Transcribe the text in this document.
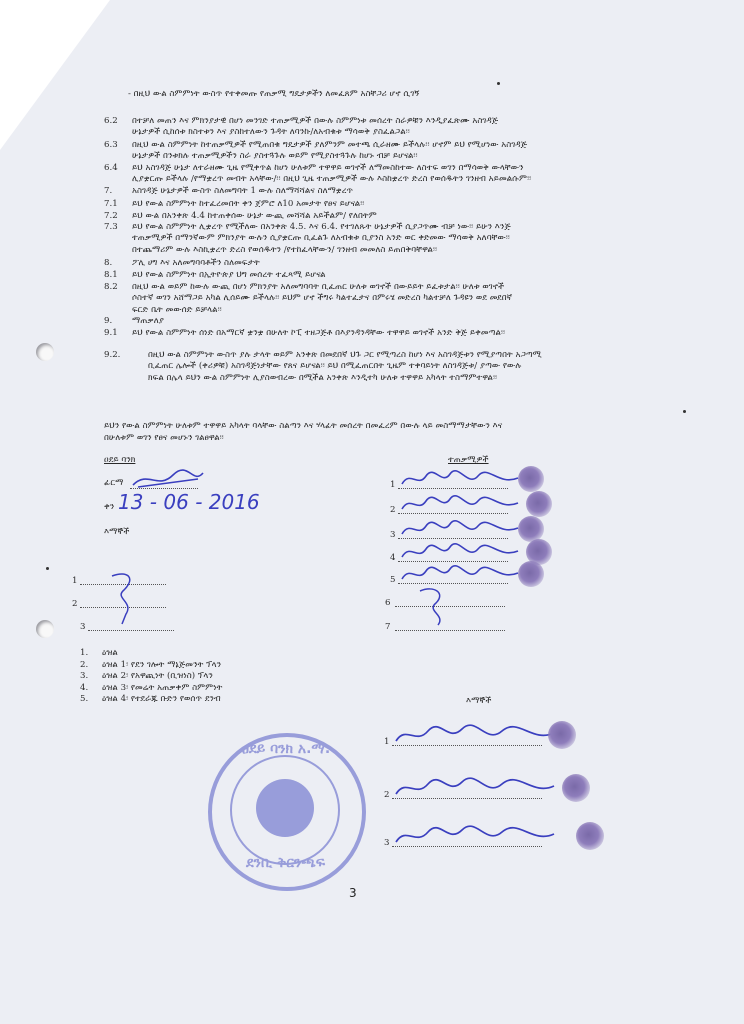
- በዚህ ውል ስምምነት ውስጥ የተቀመጡ የጠቃሚ ግዴታዎችን ለመፈጸም አስቸጋሪ ሆኖ ሲገኝ
6.2 በተቻለ መጠን እና ምክንያታዊ በሆነ መንገድ ተጠቃሚዎች በውሉ ስምምነቱ መሰረት ስራዎቹን እንዲያፈጽሙ አስገዳጅ
ሁኔታዎች ሲከሰቱ ክስተቱን እና ያስከተለውን ጉዳት ለባንኩ/ለአብቁቱ ማሳወቅ ያስፈልጋል፡፡
6.3 በዚህ ውል ስምምነት ከተጠቃሚዎች የሚጠበቁ ግዴታዎች ያለምንም መተጫ ሲራዘሙ ይችላሉ፡፡ ሆኖም ይህ የሚሆነው አስገዳጅ
ሁኔታዎች በንቱክሉ ተጠቃሚዎችን ስራ ያስተጓጉሉ ወይም የሚያስተጓጉሉ ከሆኑ ብቻ ይሆናል፡፡
6.4 ይህ አስገዳጅ ሁኔታ ለተራዘሙ ጊዜ የሚቀጥል ከሆነ ሁለቱም ተዋዋይ ወገኖች ለማመስከተው ለስተፍ ወገን በማሳወቅ ውላቸውን
ሊያቋርጡ ይችላሉ /የማቋረጥ መብት አላቸው/፡፡ በዚህ ጊዜ ተጠቃሚዎች ውሉ እስከቋረጥ ድረስ የወሰዱትን ገንዘብ አይመልሱም፡፡
7. አስገዳጅ ሁኔታዎች ውስጥ ስለመግባት 1 ውሉ ስለማሻሻልና ስለማቋረጥ
7.1 ይህ የውል ስምምነት ከተፈረመበት ቀን ጀምሮ ለ10 አመታት የፀና ይሆናል፡፡
7.2 ይህ ውል በአንቀጽ 4.4 ከተጠቀሰው ሁኔታ ውጪ መሻሻል አይችልም/ የለበትም
7.3 ይህ የውል ስምምነት ሊቋረጥ የሚችለው በአንቀጽ 4.5. እና 6.4. የተገለጹት ሁኔታዎች ሲያጋጥሙ ብቻ ነው፡፡ ይሁን እንጅ
ተጠቃሚዎች በማንኛውም ምክንያት ውሉን ሲያቋርጡ ቢፈልጉ ለአብቁቱ ቢያንስ አንድ ወር ቀድመው ማሳወቅ አለባቸው፡፡
በተጨማሪም ውሉ እስኪቋረጥ ድረስ የወሰዱትን /የተከፈላቸውን/ ገንዘብ መመለስ ይጠበቅባቸዋል፡፡
8. ፖሊ ሀግ እና አለመግባባቶችን ስለመፍታት
8.1 ይህ የውል ስምምነት በኢትዮጵያ ህግ መሰረት ተፈጻሚ ይሆናል
8.2 በዚህ ውል ወይም ከውሉ ውጪ በሆነ ምክንያት አለመግባባት ቢፈጠር ሁለቱ ወገኖች በውይይት ይፈቱታል፡፡ ሁለቱ ወገኖች
ሶስተኛ ወገን አሸማጋይ አካል ሊሰይሙ ይችላሉ፡፡ ይህም ሆኖ ችግሩ ካልተፈታና በምሩሄ መድረስ ካልተቻለ ጉዳዩን ወደ መደበኛ
ፍርድ ቤት መውሰድ ይቻላል፡፡
9. ማጠቃለያ
9.1 ይህ የውል ስምምነት ሰነድ በአማርኛ ቋንቋ በሁለት ኮፒ ተዘጋጅቶ በእያንዳንዳቸው ተዋዋይ ወገኖች አንድ ቅጅ ይቀመጣል፡፡
9.2.	በዚህ ውል ስምምነት ውስጥ ያሉ ታላት ወይም አንቀጽ በመደበኛ ህጉ ጋር የሚጣረስ ከሆነ እና አስገዳጅቱን የሚያጣበት አጋጣሚ
ቢፈጠር ሌሎች (ቀሪዎቹ) አስገዳጅነታቸው የጸና ይሆናል፡፡ ይህ በሚፈጠርበት ጊዜም ተቀባይነት ለስገዳጅቱ/ ያጣው የውሉ
ክፍል በሌላ ይህን ውል ስምምነት ሊያስወብረው በሚችል አንቀጽ እንዲተካ ሁለቱ ተዋዋይ አካላት ተስማምተዋል፡፡
ይህን የውል ስምምነት ሁለቱም ተዋዋይ አካላት ባላቸው ስልጣን እና ሃላፊት መሰረት በመፈረም በውሉ ላይ መስማማታቸውን እና
በሁለቱም ወገን የፀና መሆኑን ገልፀዋል፡፡
ዐደይ ባንክ
ፊርማ
ቀን 13 - 06 - 2016
እማኞች
1
2
3
ተጠቃሚዎች
1
2
3
4
5
6
7
1. ዕዝል
2. ዕዝል 1፡ የደን ገሎት ማኔጅመንት ፕላን
3. ዕዝል 2፡ የአዋጪነት (ቢዝነስ) ፕላን
4. ዕዝል 3፡ የመሬት አጠቃቀም ስምምነት
5. ዕዝል 4፡ የተደራጁ ቡድን የወሰጥ ደንብ	እማኞች
1
2
3
ፀደይ ባንክ አ.ማ.
ደንቢ ቅርንጫፍ
3
